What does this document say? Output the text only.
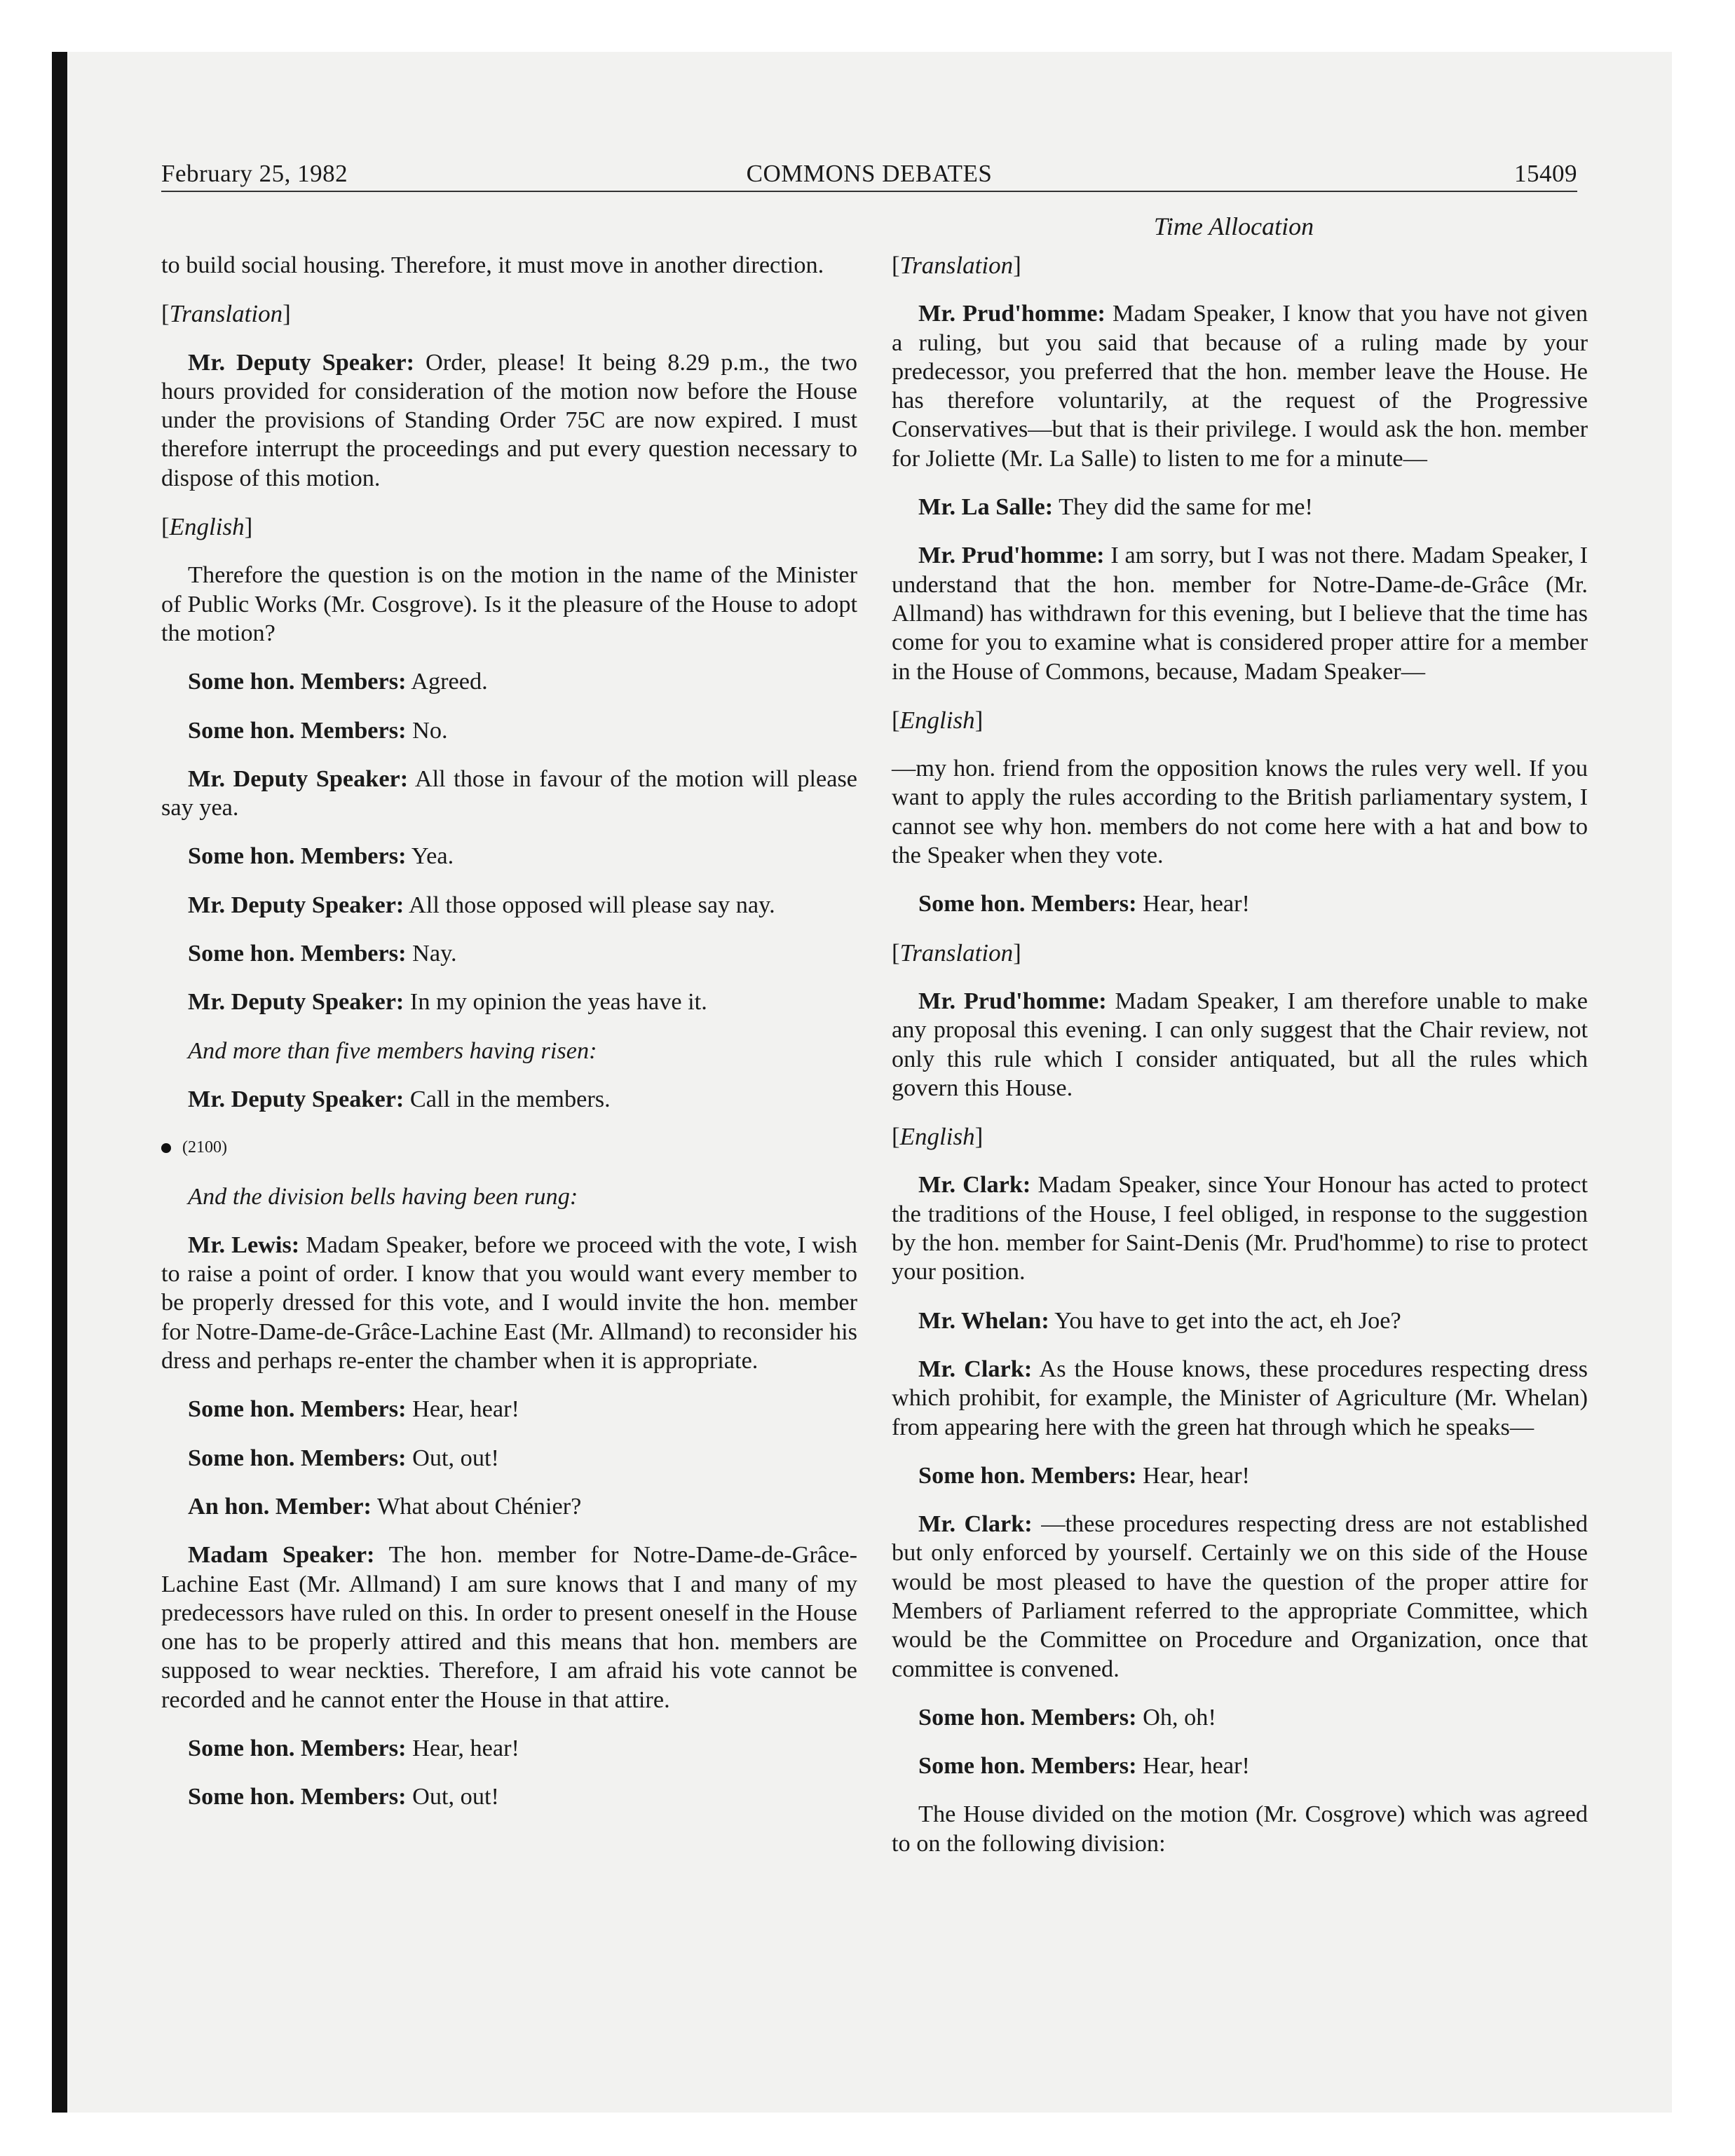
February 25, 1982	COMMONS DEBATES	15409
Time Allocation

to build social housing. Therefore, it must move in another direction.

[Translation]

Mr. Deputy Speaker: Order, please! It being 8.29 p.m., the two hours provided for consideration of the motion now before the House under the provisions of Standing Order 75C are now expired. I must therefore interrupt the proceedings and put every question necessary to dispose of this motion.

[English]

Therefore the question is on the motion in the name of the Minister of Public Works (Mr. Cosgrove). Is it the pleasure of the House to adopt the motion?

Some hon. Members: Agreed.

Some hon. Members: No.

Mr. Deputy Speaker: All those in favour of the motion will please say yea.

Some hon. Members: Yea.

Mr. Deputy Speaker: All those opposed will please say nay.

Some hon. Members: Nay.

Mr. Deputy Speaker: In my opinion the yeas have it.

And more than five members having risen:

Mr. Deputy Speaker: Call in the members.

(2100)

And the division bells having been rung:

Mr. Lewis: Madam Speaker, before we proceed with the vote, I wish to raise a point of order. I know that you would want every member to be properly dressed for this vote, and I would invite the hon. member for Notre-Dame-de-Grâce-Lachine East (Mr. Allmand) to reconsider his dress and perhaps re-enter the chamber when it is appropriate.

Some hon. Members: Hear, hear!

Some hon. Members: Out, out!

An hon. Member: What about Chénier?

Madam Speaker: The hon. member for Notre-Dame-de-Grâce-Lachine East (Mr. Allmand) I am sure knows that I and many of my predecessors have ruled on this. In order to present oneself in the House one has to be properly attired and this means that hon. members are supposed to wear neckties. Therefore, I am afraid his vote cannot be recorded and he cannot enter the House in that attire.

Some hon. Members: Hear, hear!

Some hon. Members: Out, out!

[Translation]

Mr. Prud'homme: Madam Speaker, I know that you have not given a ruling, but you said that because of a ruling made by your predecessor, you preferred that the hon. member leave the House. He has therefore voluntarily, at the request of the Progressive Conservatives—but that is their privilege. I would ask the hon. member for Joliette (Mr. La Salle) to listen to me for a minute—

Mr. La Salle: They did the same for me!

Mr. Prud'homme: I am sorry, but I was not there. Madam Speaker, I understand that the hon. member for Notre-Dame-de-Grâce (Mr. Allmand) has withdrawn for this evening, but I believe that the time has come for you to examine what is considered proper attire for a member in the House of Commons, because, Madam Speaker—

[English]

—my hon. friend from the opposition knows the rules very well. If you want to apply the rules according to the British parliamentary system, I cannot see why hon. members do not come here with a hat and bow to the Speaker when they vote.

Some hon. Members: Hear, hear!

[Translation]

Mr. Prud'homme: Madam Speaker, I am therefore unable to make any proposal this evening. I can only suggest that the Chair review, not only this rule which I consider antiquated, but all the rules which govern this House.

[English]

Mr. Clark: Madam Speaker, since Your Honour has acted to protect the traditions of the House, I feel obliged, in response to the suggestion by the hon. member for Saint-Denis (Mr. Prud'homme) to rise to protect your position.

Mr. Whelan: You have to get into the act, eh Joe?

Mr. Clark: As the House knows, these procedures respecting dress which prohibit, for example, the Minister of Agriculture (Mr. Whelan) from appearing here with the green hat through which he speaks—

Some hon. Members: Hear, hear!

Mr. Clark: —these procedures respecting dress are not established but only enforced by yourself. Certainly we on this side of the House would be most pleased to have the question of the proper attire for Members of Parliament referred to the appropriate Committee, which would be the Committee on Procedure and Organization, once that committee is convened.

Some hon. Members: Oh, oh!

Some hon. Members: Hear, hear!

The House divided on the motion (Mr. Cosgrove) which was agreed to on the following division:
